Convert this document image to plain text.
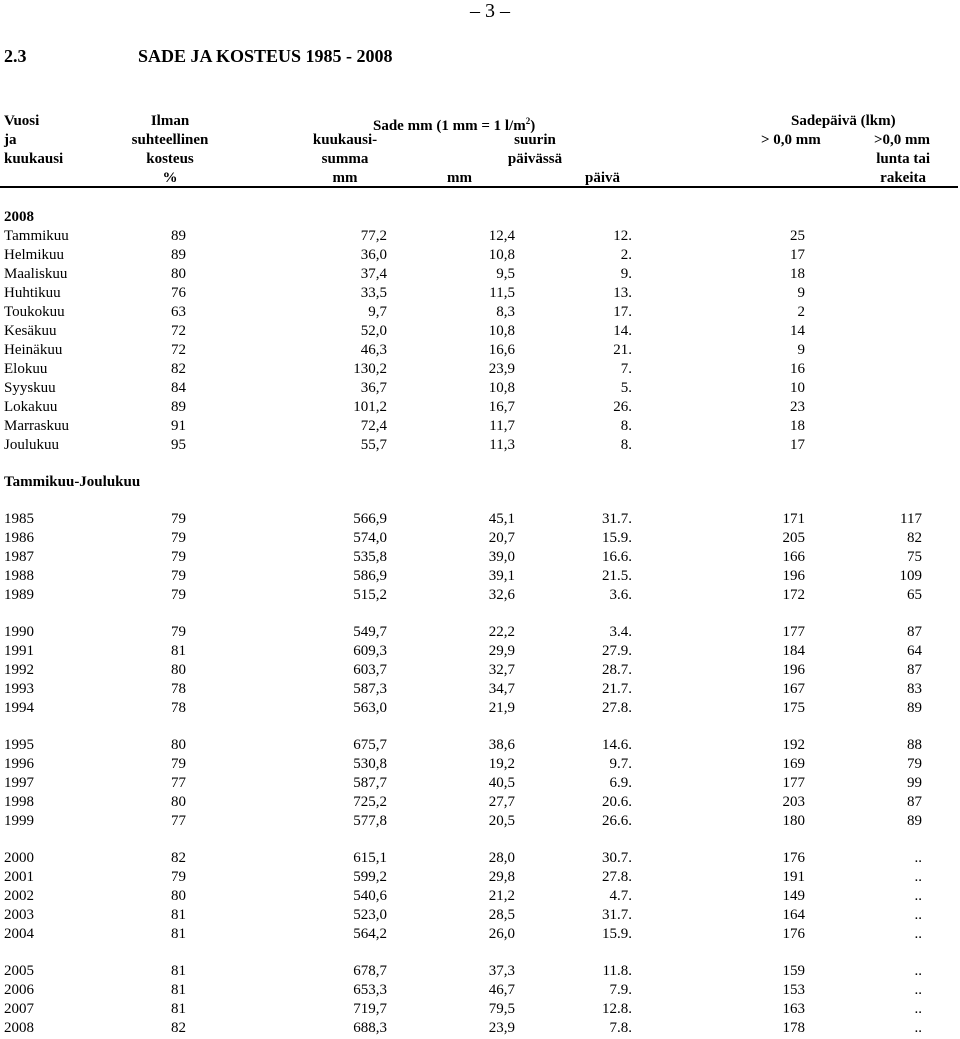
– 3 –
2.3	SADE JA KOSTEUS 1985 - 2008
Vuosi
ja
kuukausi
Ilman
suhteellinen
kosteus
%
Sade mm (1 mm = 1 $l/m^2$)
kuukausi-
summa
mm
suurin
päivässä
mm	päivä
Sadepäivä (lkm)
> 0,0 mm	>0,0 mm
lunta tai
rakeita
2008
Tammikuu	89	77,2	12,4	12.	25	
Helmikuu	89	36,0	10,8	2.	17	
Maaliskuu	80	37,4	9,5	9.	18	
Huhtikuu	76	33,5	11,5	13.	9	
Toukokuu	63	9,7	8,3	17.	2	
Kesäkuu	72	52,0	10,8	14.	14	
Heinäkuu	72	46,3	16,6	21.	9	
Elokuu	82	130,2	23,9	7.	16	
Syyskuu	84	36,7	10,8	5.	10	
Lokakuu	89	101,2	16,7	26.	23	
Marraskuu	91	72,4	11,7	8.	18	
Joulukuu	95	55,7	11,3	8.	17	
Tammikuu-Joulukuu
1985	79	566,9	45,1	31.7.	171	117
1986	79	574,0	20,7	15.9.	205	82
1987	79	535,8	39,0	16.6.	166	75
1988	79	586,9	39,1	21.5.	196	109
1989	79	515,2	32,6	3.6.	172	65
1990	79	549,7	22,2	3.4.	177	87
1991	81	609,3	29,9	27.9.	184	64
1992	80	603,7	32,7	28.7.	196	87
1993	78	587,3	34,7	21.7.	167	83
1994	78	563,0	21,9	27.8.	175	89
1995	80	675,7	38,6	14.6.	192	88
1996	79	530,8	19,2	9.7.	169	79
1997	77	587,7	40,5	6.9.	177	99
1998	80	725,2	27,7	20.6.	203	87
1999	77	577,8	20,5	26.6.	180	89
2000	82	615,1	28,0	30.7.	176	..
2001	79	599,2	29,8	27.8.	191	..
2002	80	540,6	21,2	4.7.	149	..
2003	81	523,0	28,5	31.7.	164	..
2004	81	564,2	26,0	15.9.	176	..
2005	81	678,7	37,3	11.8.	159	..
2006	81	653,3	46,7	7.9.	153	..
2007	81	719,7	79,5	12.8.	163	..
2008	82	688,3	23,9	7.8.	178	..
